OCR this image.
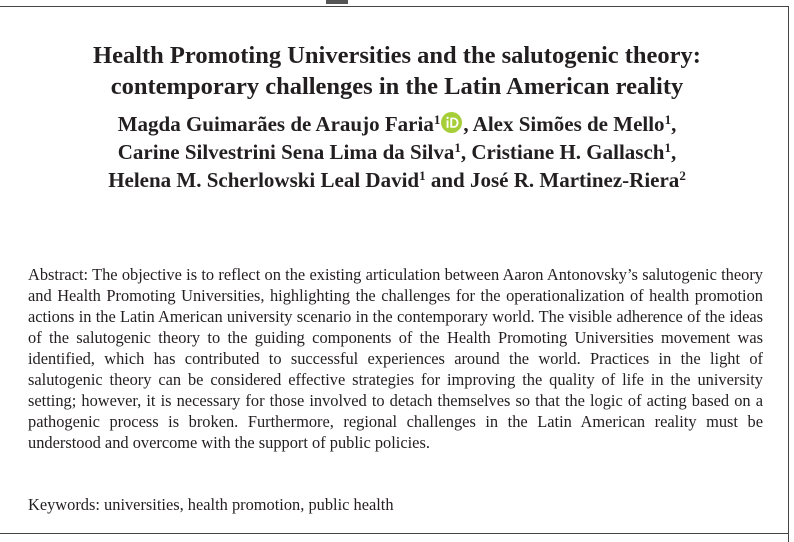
Health Promoting Universities and the salutogenic theory:
contemporary challenges in the Latin American reality
Magda Guimarães de Araujo Faria$^1$ , Alex Simões de Mello$^1$,
Carine Silvestrini Sena Lima da Silva$^1$, Cristiane H. Gallasch$^1$,
Helena M. Scherlowski Leal David$^1$ and José R. Martinez-Riera$^2$

Abstract: The objective is to reflect on the existing articulation between Aaron Antonovsky’s salutogenic theory and Health Promoting Universities, highlighting the challenges for the operationalization of health promotion actions in the Latin American university scenario in the contemporary world. The visible adherence of the ideas of the salutogenic theory to the guiding components of the Health Promoting Universities movement was identified, which has contributed to successful experiences around the world. Practices in the light of salutogenic theory can be considered effective strategies for improving the quality of life in the university setting; however, it is necessary for those involved to detach themselves so that the logic of acting based on a pathogenic process is broken. Furthermore, regional challenges in the Latin American reality must be understood and overcome with the support of public policies.

Keywords: universities, health promotion, public health
